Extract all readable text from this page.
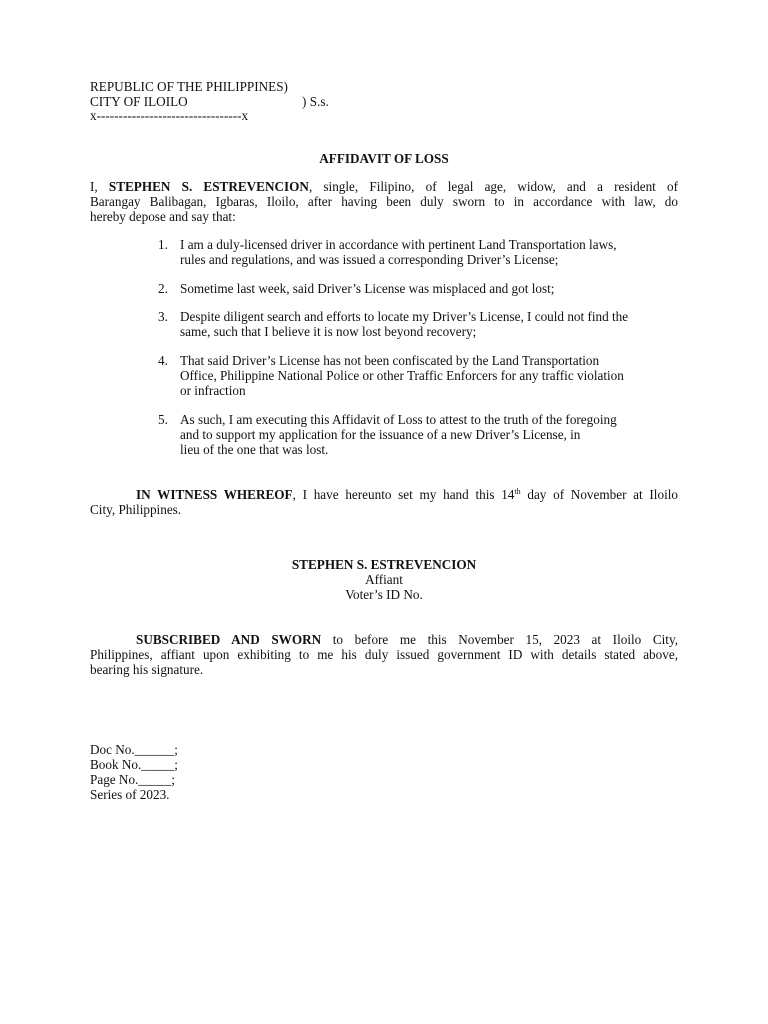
REPUBLIC OF THE PHILIPPINES)
CITY OF ILOILO	) S.s.
x---------------------------------x
AFFIDAVIT OF LOSS
I, STEPHEN S. ESTREVENCION, single, Filipino, of legal age, widow, and a resident of
Barangay Balibagan, Igbaras, Iloilo, after having been duly sworn to in accordance with law, do
hereby depose and say that:
1. I am a duly-licensed driver in accordance with pertinent Land Transportation laws,
rules and regulations, and was issued a corresponding Driver’s License;
2. Sometime last week, said Driver’s License was misplaced and got lost;
3. Despite diligent search and efforts to locate my Driver’s License, I could not find the
same, such that I believe it is now lost beyond recovery;
4. That said Driver’s License has not been confiscated by the Land Transportation
Office, Philippine National Police or other Traffic Enforcers for any traffic violation
or infraction
5. As such, I am executing this Affidavit of Loss to attest to the truth of the foregoing
and to support my application for the issuance of a new Driver’s License, in
lieu of the one that was lost.
IN WITNESS WHEREOF, I have hereunto set my hand this 14th day of November at Iloilo
City, Philippines.
STEPHEN S. ESTREVENCION
Affiant
Voter’s ID No.
SUBSCRIBED AND SWORN to before me this November 15, 2023 at Iloilo City,
Philippines, affiant upon exhibiting to me his duly issued government ID with details stated above,
bearing his signature.
Doc No.______;
Book No._____;
Page No._____;
Series of 2023.
